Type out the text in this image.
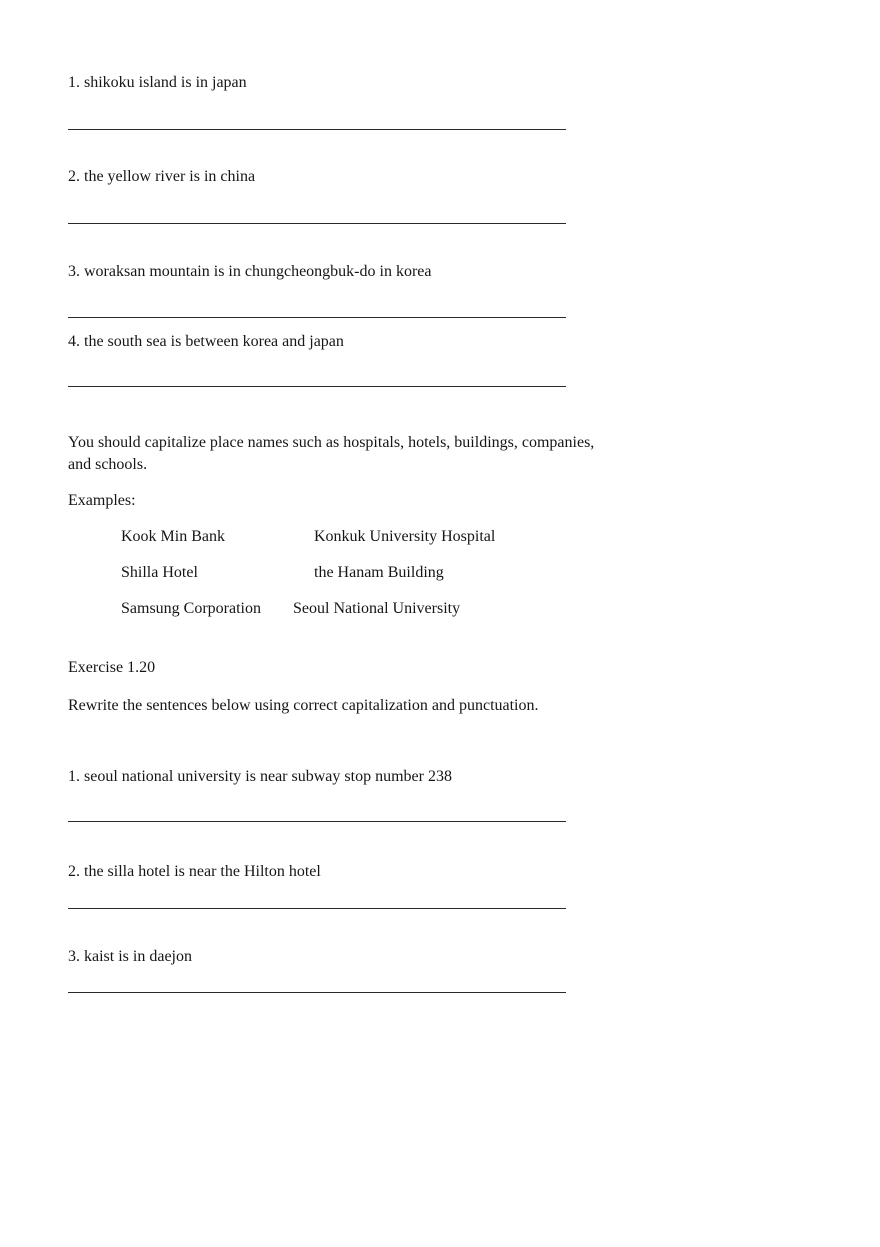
1. shikoku island is in japan
2. the yellow river is in china
3. woraksan mountain is in chungcheongbuk-do in korea
4. the south sea is between korea and japan
You should capitalize place names such as hospitals, hotels, buildings, companies,
and schools.
Examples:
Kook Min Bank	Konkuk University Hospital
Shilla Hotel	the Hanam Building
Samsung Corporation	Seoul National University
Exercise 1.20
Rewrite the sentences below using correct capitalization and punctuation.
1. seoul national university is near subway stop number 238
2. the silla hotel is near the Hilton hotel
3. kaist is in daejon
